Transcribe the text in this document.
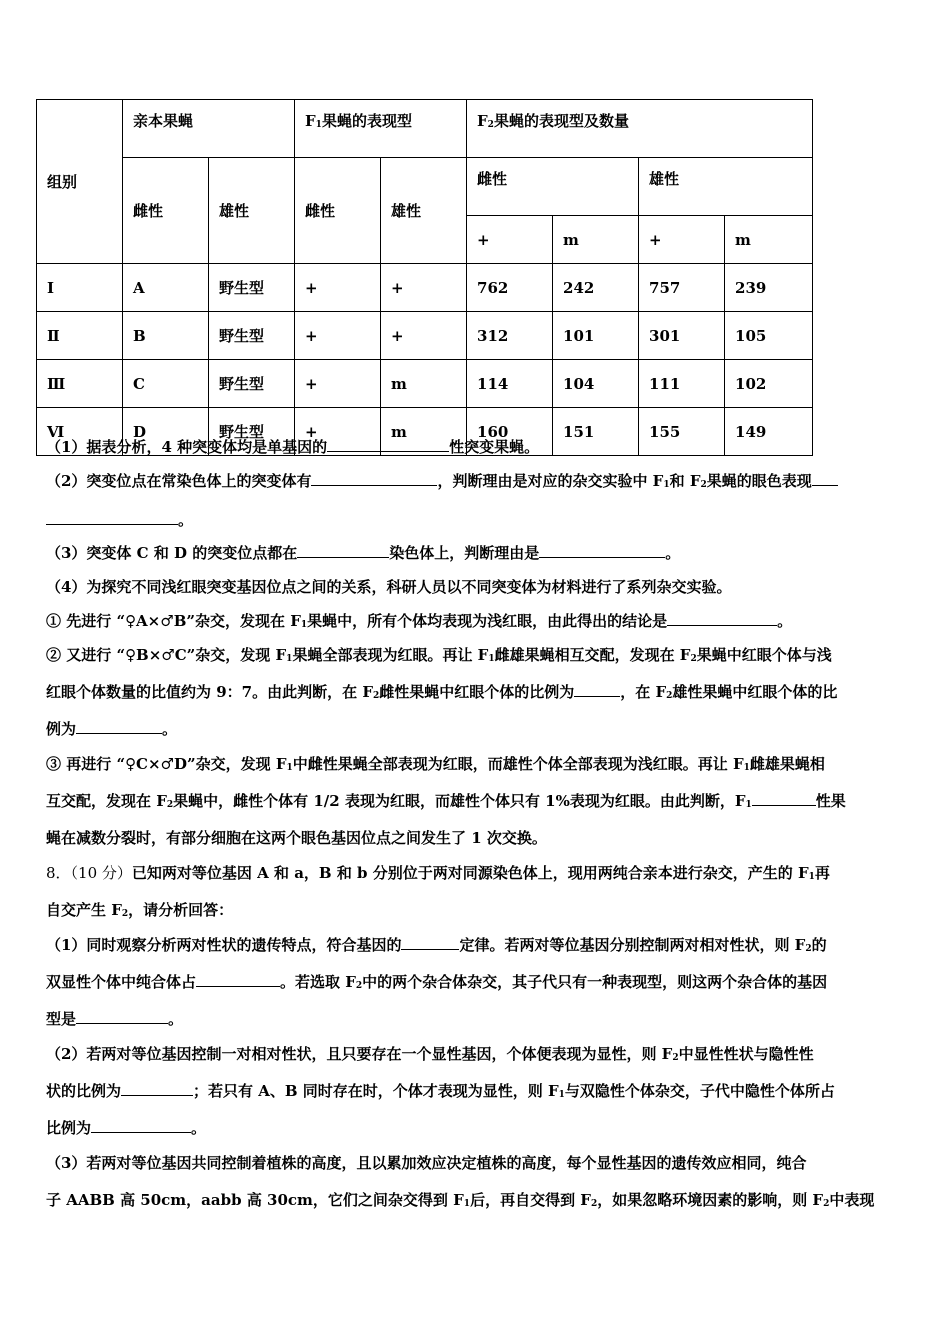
组别	亲本果蝇		$F_1$果蝇的表现型		$F_2$果蝇的表现型及数量			
	雌性	雄性	雌性	雄性	雌性		雄性	
					+	m	+	m
Ⅰ	A	野生型	+	+	762	242	757	239
Ⅱ	B	野生型	+	+	312	101	301	105
Ⅲ	C	野生型	+	m	114	104	111	102
Ⅵ	D	野生型	+	m	160	151	155	149
（1）据表分析，4 种突变体均是单基因的	性突变果蝇。
（2）突变位点在常染色体上的突变体有	，判断理由是对应的杂交实验中 $F_1$和 $F_2$果蝇的眼色表现
。
（3）突变体 C 和 D 的突变位点都在	染色体上，判断理由是	。
（4）为探究不同浅红眼突变基因位点之间的关系，科研人员以不同突变体为材料进行了系列杂交实验。
① 先进行 “♀A×♂B”杂交，发现在 $F_1$果蝇中，所有个体均表现为浅红眼，由此得出的结论是	。
② 又进行 “♀B×♂C”杂交，发现 $F_1$果蝇全部表现为红眼。再让 $F_1$雌雄果蝇相互交配，发现在 $F_2$果蝇中红眼个体与浅
红眼个体数量的比值约为 9：7。由此判断，在 $F_2$雌性果蝇中红眼个体的比例为	，在 $F_2$雄性果蝇中红眼个体的比
例为	。
③ 再进行 “♀C×♂D”杂交，发现 $F_1$中雌性果蝇全部表现为红眼，而雄性个体全部表现为浅红眼。再让 $F_1$雌雄果蝇相
互交配，发现在 $F_2$果蝇中，雌性个体有 1/2 表现为红眼，而雄性个体只有 1%表现为红眼。由此判断，$F_1$	性果
蝇在减数分裂时，有部分细胞在这两个眼色基因位点之间发生了 1 次交换。
8．（10 分）已知两对等位基因 A 和 a，B 和 b 分别位于两对同源染色体上，现用两纯合亲本进行杂交，产生的 $F_1$再
自交产生 $F_2$，请分析回答：
（1）同时观察分析两对性状的遗传特点，符合基因的	定律。若两对等位基因分别控制两对相对性状，则 $F_2$的
双显性个体中纯合体占	。若选取 $F_2$中的两个杂合体杂交，其子代只有一种表现型，则这两个杂合体的基因
型是	。
（2）若两对等位基因控制一对相对性状，且只要存在一个显性基因，个体便表现为显性，则 $F_2$中显性性状与隐性性
状的比例为	；若只有 A、B 同时存在时，个体才表现为显性，则 $F_1$与双隐性个体杂交，子代中隐性个体所占
比例为	。
（3）若两对等位基因共同控制着植株的高度，且以累加效应决定植株的高度，每个显性基因的遗传效应相同，纯合
子 AABB 高 50cm，aabb 高 30cm，它们之间杂交得到 $F_1$后，再自交得到 $F_2$，如果忽略环境因素的影响，则 $F_2$中表现
